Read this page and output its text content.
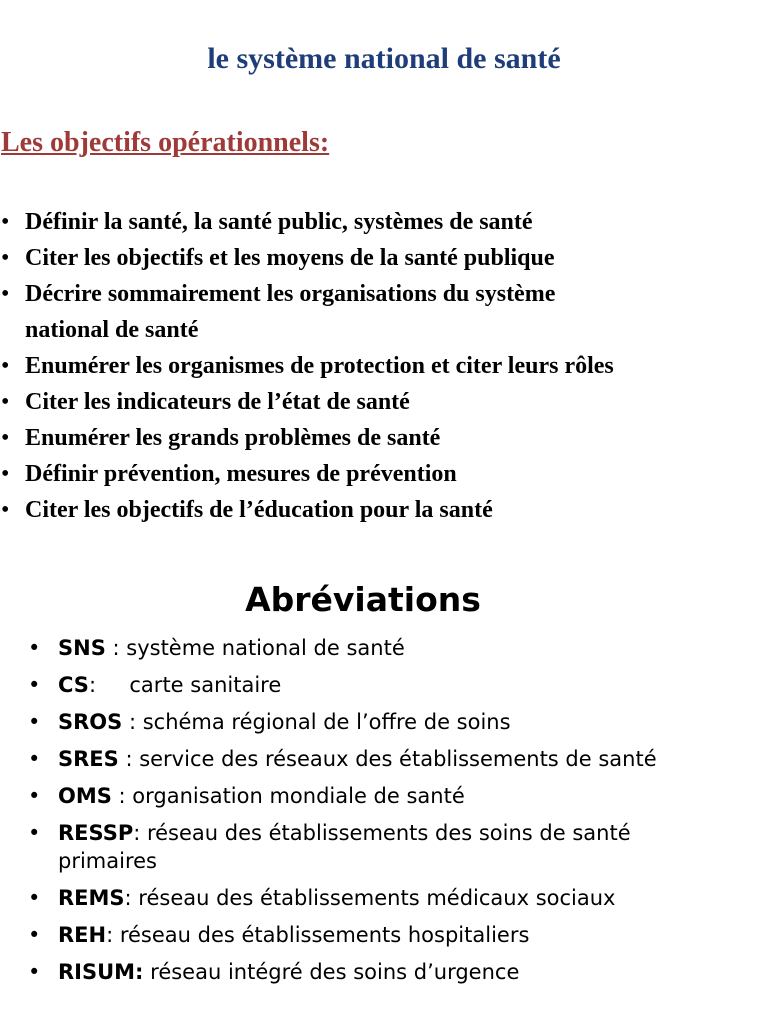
le système national de santé
Les objectifs opérationnels:
• Définir la santé, la santé public, systèmes de santé
• Citer les objectifs et les moyens de la santé publique
• Décrire sommairement les organisations du système
national de santé
• Enumérer les organismes de protection et citer leurs rôles
• Citer les indicateurs de l’état de santé
• Enumérer les grands problèmes de santé
• Définir prévention, mesures de prévention
• Citer les objectifs de l’éducation pour la santé
Abréviations
• SNS : système national de santé
• CS:     carte sanitaire
• SROS : schéma régional de l’offre de soins
• SRES : service des réseaux des établissements de santé
• OMS : organisation mondiale de santé
• RESSP: réseau des établissements des soins de santé primaires
• REMS: réseau des établissements médicaux sociaux
• REH: réseau des établissements hospitaliers
• RISUM: réseau intégré des soins d’urgence
